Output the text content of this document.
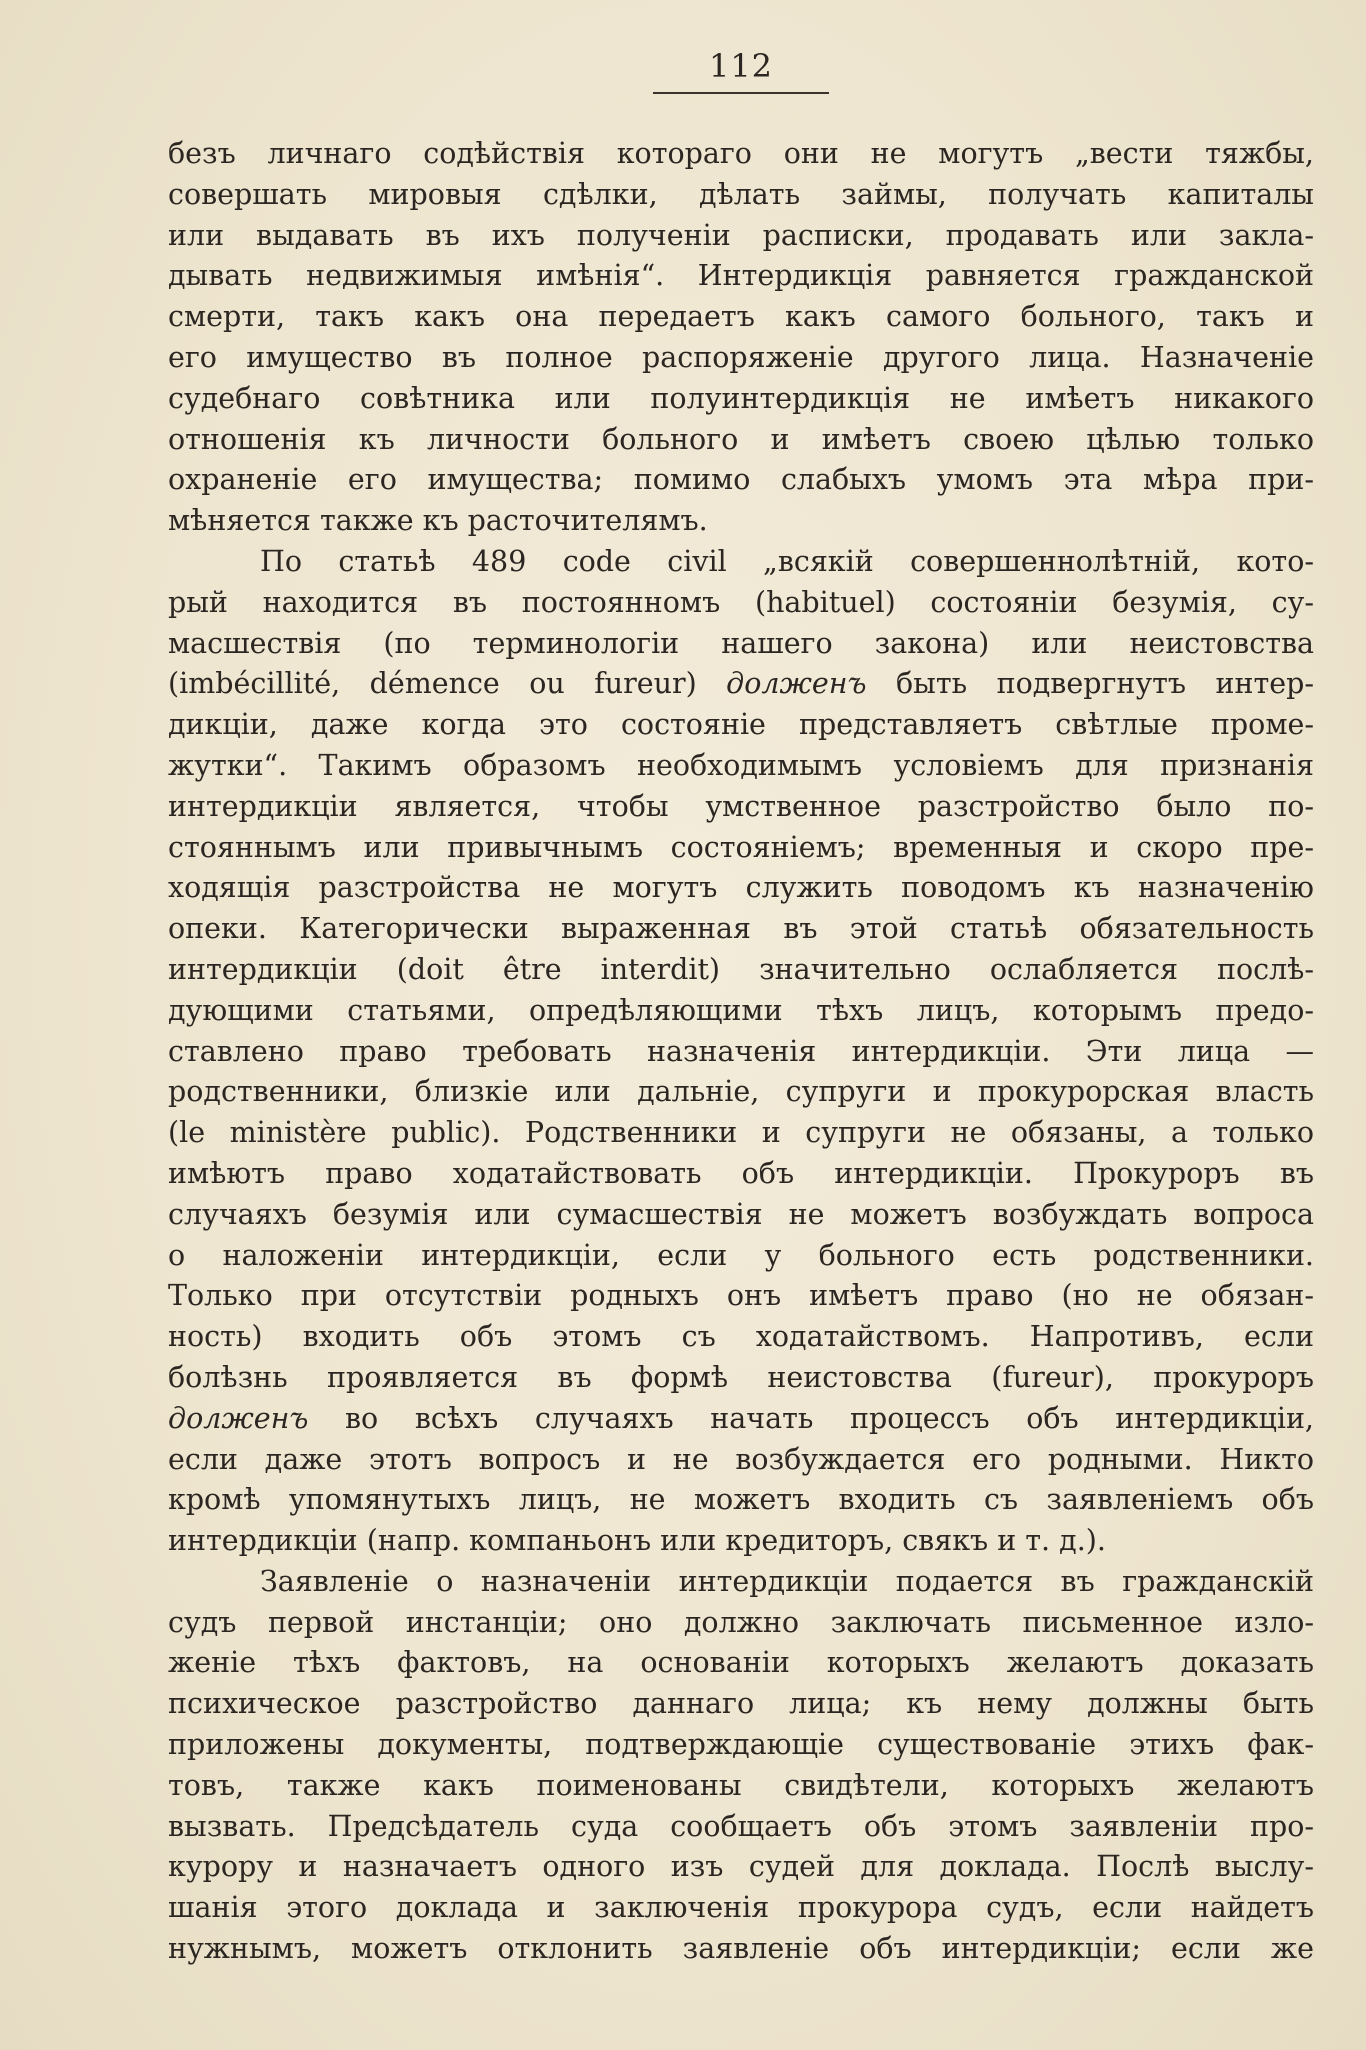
112
безъ личнаго содѣйствія котораго они не могутъ „вести тяжбы,
совершать мировыя сдѣлки, дѣлать займы, получать капиталы
или выдавать въ ихъ полученіи расписки, продавать или закла-
дывать недвижимыя имѣнія“. Интердикція равняется гражданской
смерти, такъ какъ она передаетъ какъ самого больного, такъ и
его имущество въ полное распоряженіе другого лица. Назначеніе
судебнаго совѣтника или полуинтердикція не имѣетъ никакого
отношенія къ личности больного и имѣетъ своею цѣлью только
охраненіе его имущества; помимо слабыхъ умомъ эта мѣра при-
мѣняется также къ расточителямъ.
По статьѣ 489 code civil „всякій совершеннолѣтній, кото-
рый находится въ постоянномъ (habituel) состояніи безумія, су-
масшествія (по терминологіи нашего закона) или неистовства
(imbécillité, démence ou fureur) долженъ быть подвергнутъ интер-
дикціи, даже когда это состояніе представляетъ свѣтлые проме-
жутки“. Такимъ образомъ необходимымъ условіемъ для признанія
интердикціи является, чтобы умственное разстройство было по-
стояннымъ или привычнымъ состояніемъ; временныя и скоро пре-
ходящія разстройства не могутъ служить поводомъ къ назначенію
опеки. Категорически выраженная въ этой статьѣ обязательность
интердикціи (doit être interdit) значительно ослабляется послѣ-
дующими статьями, опредѣляющими тѣхъ лицъ, которымъ предо-
ставлено право требовать назначенія интердикціи. Эти лица —
родственники, близкіе или дальніе, супруги и прокурорская власть
(le ministère public). Родственники и супруги не обязаны, а только
имѣютъ право ходатайствовать объ интердикціи. Прокуроръ въ
случаяхъ безумія или сумасшествія не можетъ возбуждать вопроса
о наложеніи интердикціи, если у больного есть родственники.
Только при отсутствіи родныхъ онъ имѣетъ право (но не обязан-
ность) входить объ этомъ съ ходатайствомъ. Напротивъ, если
болѣзнь проявляется въ формѣ неистовства (fureur), прокуроръ
долженъ во всѣхъ случаяхъ начать процессъ объ интердикціи,
если даже этотъ вопросъ и не возбуждается его родными. Никто
кромѣ упомянутыхъ лицъ, не можетъ входить съ заявленіемъ объ
интердикціи (напр. компаньонъ или кредиторъ, свякъ и т. д.).
Заявленіе о назначеніи интердикціи подается въ гражданскій
судъ первой инстанціи; оно должно заключать письменное изло-
женіе тѣхъ фактовъ, на основаніи которыхъ желаютъ доказать
психическое разстройство даннаго лица; къ нему должны быть
приложены документы, подтверждающіе существованіе этихъ фак-
товъ, также какъ поименованы свидѣтели, которыхъ желаютъ
вызвать. Предсѣдатель суда сообщаетъ объ этомъ заявленіи про-
курору и назначаетъ одного изъ судей для доклада. Послѣ выслу-
шанія этого доклада и заключенія прокурора судъ, если найдетъ
нужнымъ, можетъ отклонить заявленіе объ интердикціи; если же
